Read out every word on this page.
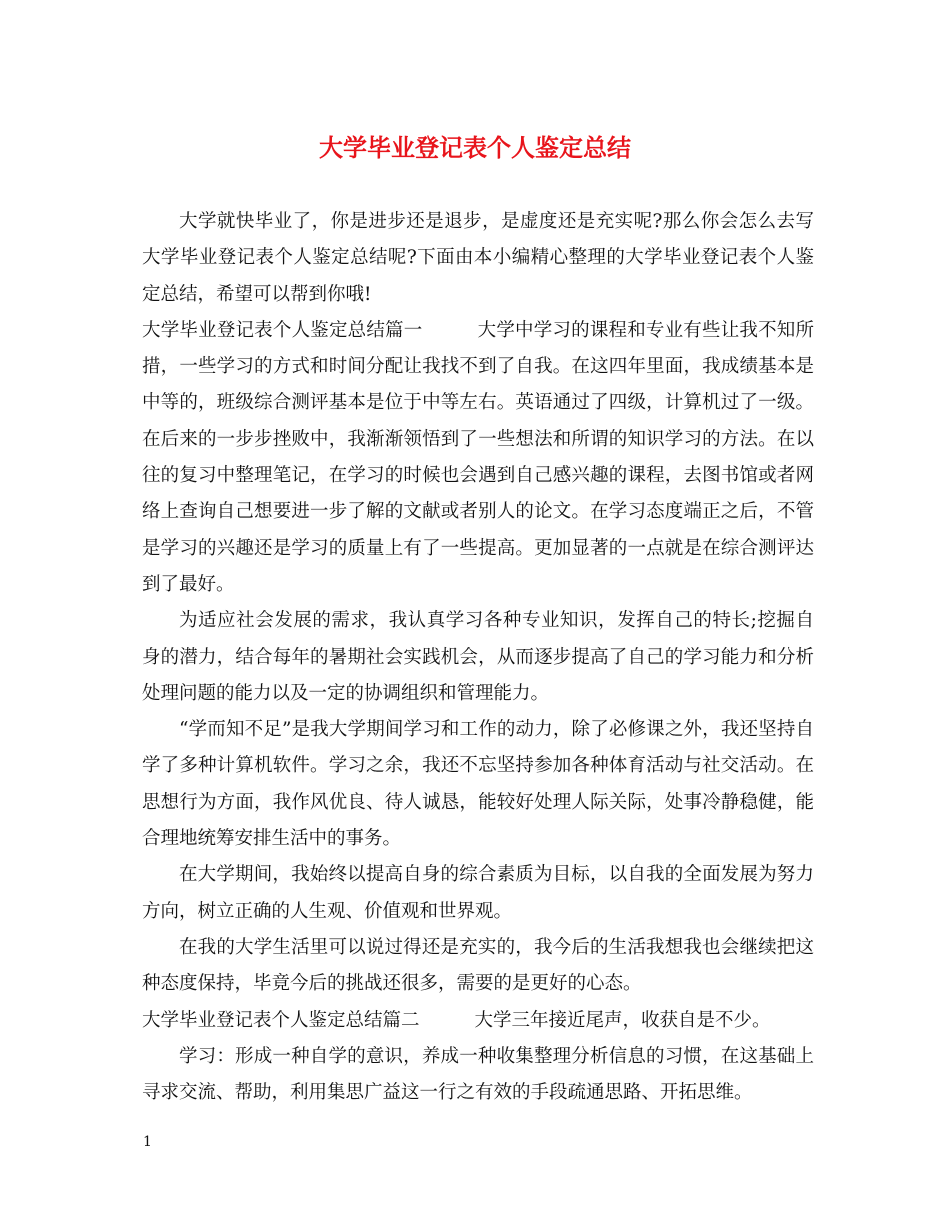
大学毕业登记表个人鉴定总结

大学就快毕业了，你是进步还是退步，是虚度还是充实呢?那么你会怎么去写大学毕业登记表个人鉴定总结呢?下面由本小编精心整理的大学毕业登记表个人鉴定总结，希望可以帮到你哦!

大学毕业登记表个人鉴定总结篇一	大学中学习的课程和专业有些让我不知所措，一些学习的方式和时间分配让我找不到了自我。在这四年里面，我成绩基本是中等的，班级综合测评基本是位于中等左右。英语通过了四级，计算机过了一级。在后来的一步步挫败中，我渐渐领悟到了一些想法和所谓的知识学习的方法。在以往的复习中整理笔记，在学习的时候也会遇到自己感兴趣的课程，去图书馆或者网络上查询自己想要进一步了解的文献或者别人的论文。在学习态度端正之后，不管是学习的兴趣还是学习的质量上有了一些提高。更加显著的一点就是在综合测评达到了最好。

为适应社会发展的需求，我认真学习各种专业知识，发挥自己的特长;挖掘自身的潜力，结合每年的暑期社会实践机会，从而逐步提高了自己的学习能力和分析处理问题的能力以及一定的协调组织和管理能力。

“学而知不足”是我大学期间学习和工作的动力，除了必修课之外，我还坚持自学了多种计算机软件。学习之余，我还不忘坚持参加各种体育活动与社交活动。在思想行为方面，我作风优良、待人诚恳，能较好处理人际关际，处事冷静稳健，能合理地统筹安排生活中的事务。

在大学期间，我始终以提高自身的综合素质为目标，以自我的全面发展为努力方向，树立正确的人生观、价值观和世界观。

在我的大学生活里可以说过得还是充实的，我今后的生活我想我也会继续把这种态度保持，毕竟今后的挑战还很多，需要的是更好的心态。

大学毕业登记表个人鉴定总结篇二	大学三年接近尾声，收获自是不少。

学习：形成一种自学的意识，养成一种收集整理分析信息的习惯，在这基础上寻求交流、帮助，利用集思广益这一行之有效的手段疏通思路、开拓思维。

1
